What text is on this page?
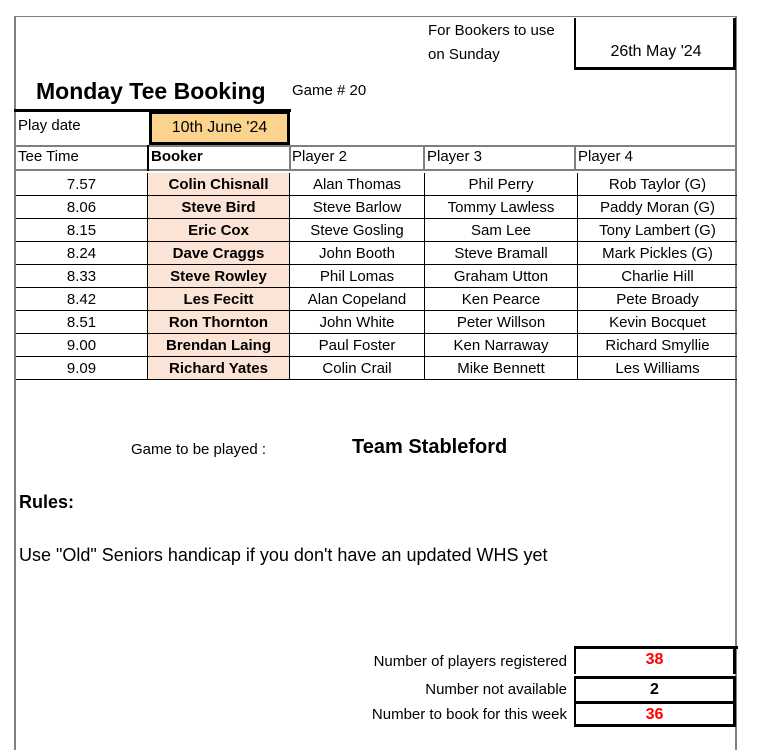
For Bookers to use
on Sunday	26th May '24
Monday Tee Booking Game # 20
Play date	10th June '24
Tee Time	Booker	Player 2	Player 3	Player 4
7.57	Colin Chisnall	Alan Thomas	Phil Perry	Rob Taylor (G)
8.06	Steve Bird	Steve Barlow	Tommy Lawless	Paddy Moran (G)
8.15	Eric Cox	Steve Gosling	Sam Lee	Tony Lambert (G)
8.24	Dave Craggs	John Booth	Steve Bramall	Mark Pickles (G)
8.33	Steve Rowley	Phil Lomas	Graham Utton	Charlie Hill
8.42	Les Fecitt	Alan Copeland	Ken Pearce	Pete Broady
8.51	Ron Thornton	John White	Peter Willson	Kevin Bocquet
9.00	Brendan Laing	Paul Foster	Ken Narraway	Richard Smyllie
9.09	Richard Yates	Colin Crail	Mike Bennett	Les Williams
Game to be played :	Team Stableford
Rules:
Use "Old" Seniors handicap if you don't have an updated WHS yet
Number of players registered	38
Number not available	2
Number to book for this week	36
